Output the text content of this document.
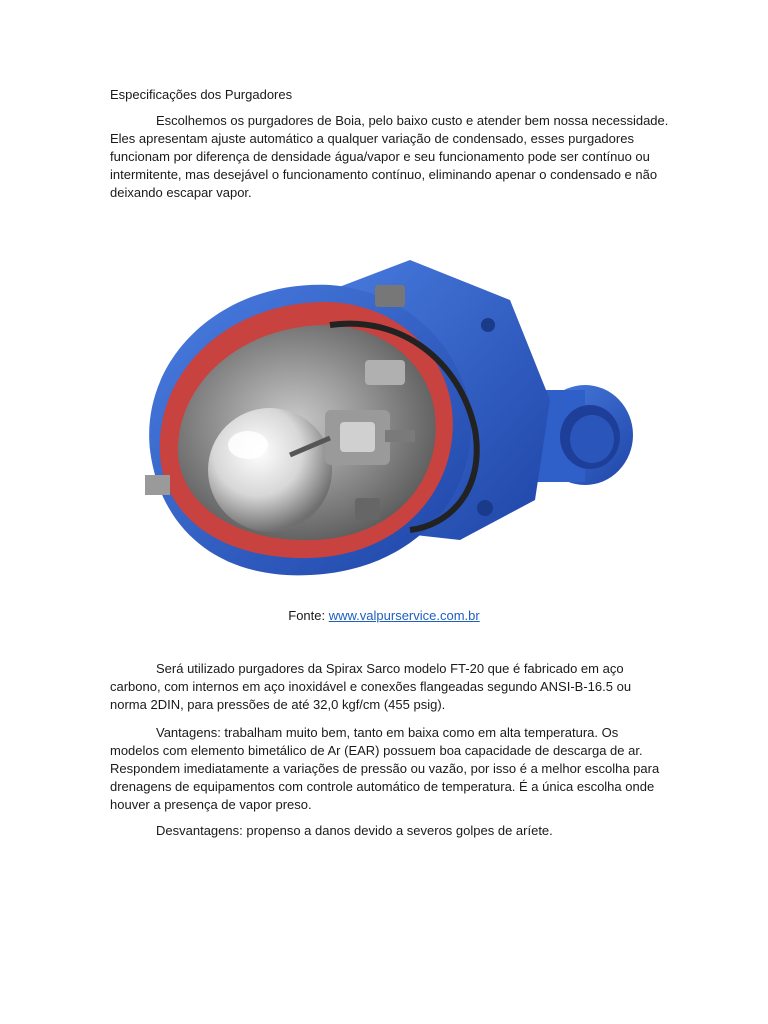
Especificações dos Purgadores

Escolhemos os purgadores de Boia, pelo baixo custo e atender bem nossa necessidade. Eles apresentam ajuste automático a qualquer variação de condensado, esses purgadores funcionam por diferença de densidade água/vapor e seu funcionamento pode ser contínuo ou intermitente, mas desejável o funcionamento contínuo, eliminando apenar o condensado e não deixando escapar vapor.

Fonte: www.valpurservice.com.br

Será utilizado purgadores da Spirax Sarco modelo FT-20 que é fabricado em aço carbono, com internos em aço inoxidável e conexões flangeadas segundo ANSI-B-16.5 ou norma 2DIN, para pressões de até 32,0 kgf/cm (455 psig).

Vantagens: trabalham muito bem, tanto em baixa como em alta temperatura. Os modelos com elemento bimetálico de Ar (EAR) possuem boa capacidade de descarga de ar. Respondem imediatamente a variações de pressão ou vazão, por isso é a melhor escolha para drenagens de equipamentos com controle automático de temperatura. É a única escolha onde houver a presença de vapor preso.

Desvantagens: propenso a danos devido a severos golpes de aríete.
